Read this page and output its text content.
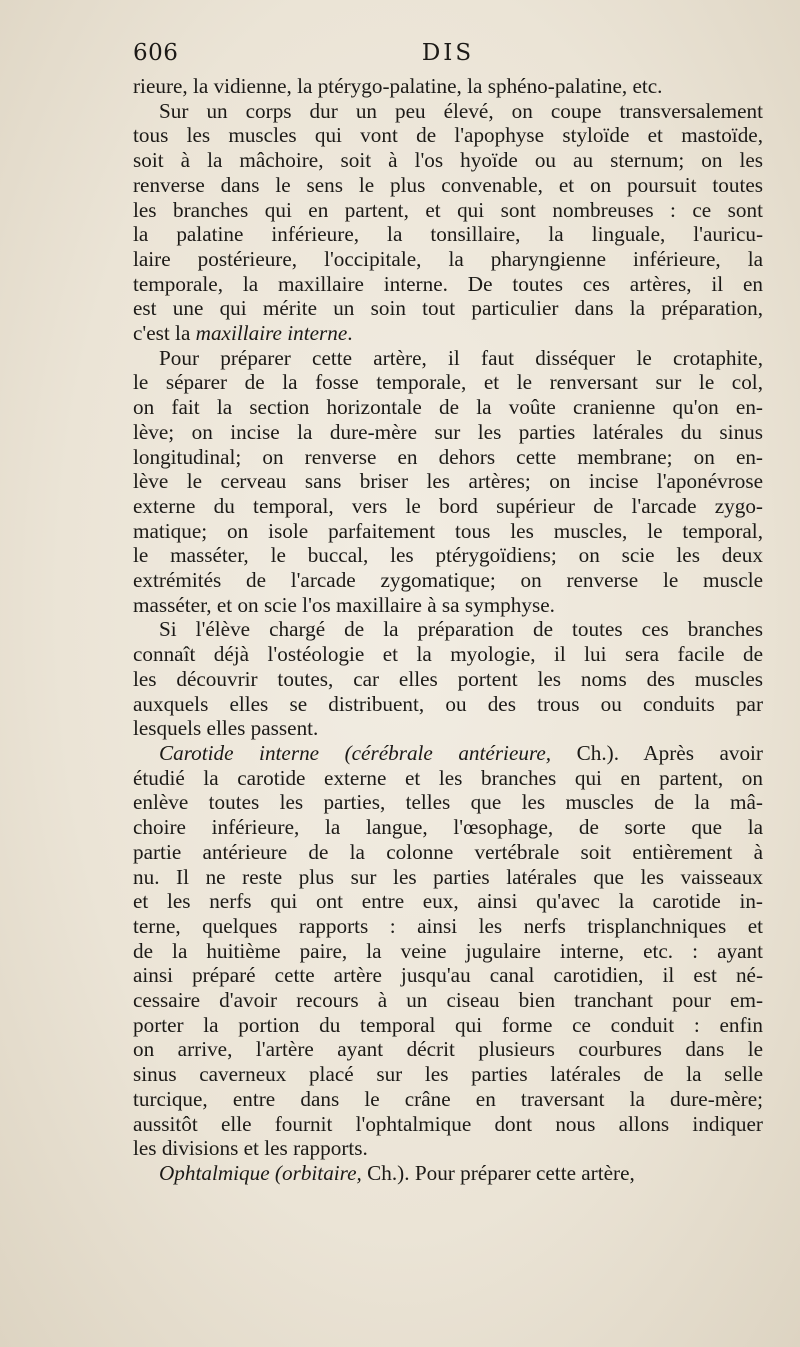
606	DIS
rieure, la vidienne, la ptérygo-palatine, la sphéno-palatine, etc.
Sur un corps dur un peu élevé, on coupe transversalement
tous les muscles qui vont de l'apophyse styloïde et mastoïde,
soit à la mâchoire, soit à l'os hyoïde ou au sternum; on les
renverse dans le sens le plus convenable, et on poursuit toutes
les branches qui en partent, et qui sont nombreuses : ce sont
la palatine inférieure, la tonsillaire, la linguale, l'auricu-
laire postérieure, l'occipitale, la pharyngienne inférieure, la
temporale, la maxillaire interne. De toutes ces artères, il en
est une qui mérite un soin tout particulier dans la préparation,
c'est la maxillaire interne.
Pour préparer cette artère, il faut disséquer le crotaphite,
le séparer de la fosse temporale, et le renversant sur le col,
on fait la section horizontale de la voûte cranienne qu'on en-
lève; on incise la dure-mère sur les parties latérales du sinus
longitudinal; on renverse en dehors cette membrane; on en-
lève le cerveau sans briser les artères; on incise l'aponévrose
externe du temporal, vers le bord supérieur de l'arcade zygo-
matique; on isole parfaitement tous les muscles, le temporal,
le masséter, le buccal, les ptérygoïdiens; on scie les deux
extrémités de l'arcade zygomatique; on renverse le muscle
masséter, et on scie l'os maxillaire à sa symphyse.
Si l'élève chargé de la préparation de toutes ces branches
connaît déjà l'ostéologie et la myologie, il lui sera facile de
les découvrir toutes, car elles portent les noms des muscles
auxquels elles se distribuent, ou des trous ou conduits par
lesquels elles passent.
Carotide interne (cérébrale antérieure, Ch.). Après avoir
étudié la carotide externe et les branches qui en partent, on
enlève toutes les parties, telles que les muscles de la mâ-
choire inférieure, la langue, l'œsophage, de sorte que la
partie antérieure de la colonne vertébrale soit entièrement à
nu. Il ne reste plus sur les parties latérales que les vaisseaux
et les nerfs qui ont entre eux, ainsi qu'avec la carotide in-
terne, quelques rapports : ainsi les nerfs trisplanchniques et
de la huitième paire, la veine jugulaire interne, etc. : ayant
ainsi préparé cette artère jusqu'au canal carotidien, il est né-
cessaire d'avoir recours à un ciseau bien tranchant pour em-
porter la portion du temporal qui forme ce conduit : enfin
on arrive, l'artère ayant décrit plusieurs courbures dans le
sinus caverneux placé sur les parties latérales de la selle
turcique, entre dans le crâne en traversant la dure-mère;
aussitôt elle fournit l'ophtalmique dont nous allons indiquer
les divisions et les rapports.
Ophtalmique (orbitaire, Ch.). Pour préparer cette artère,
